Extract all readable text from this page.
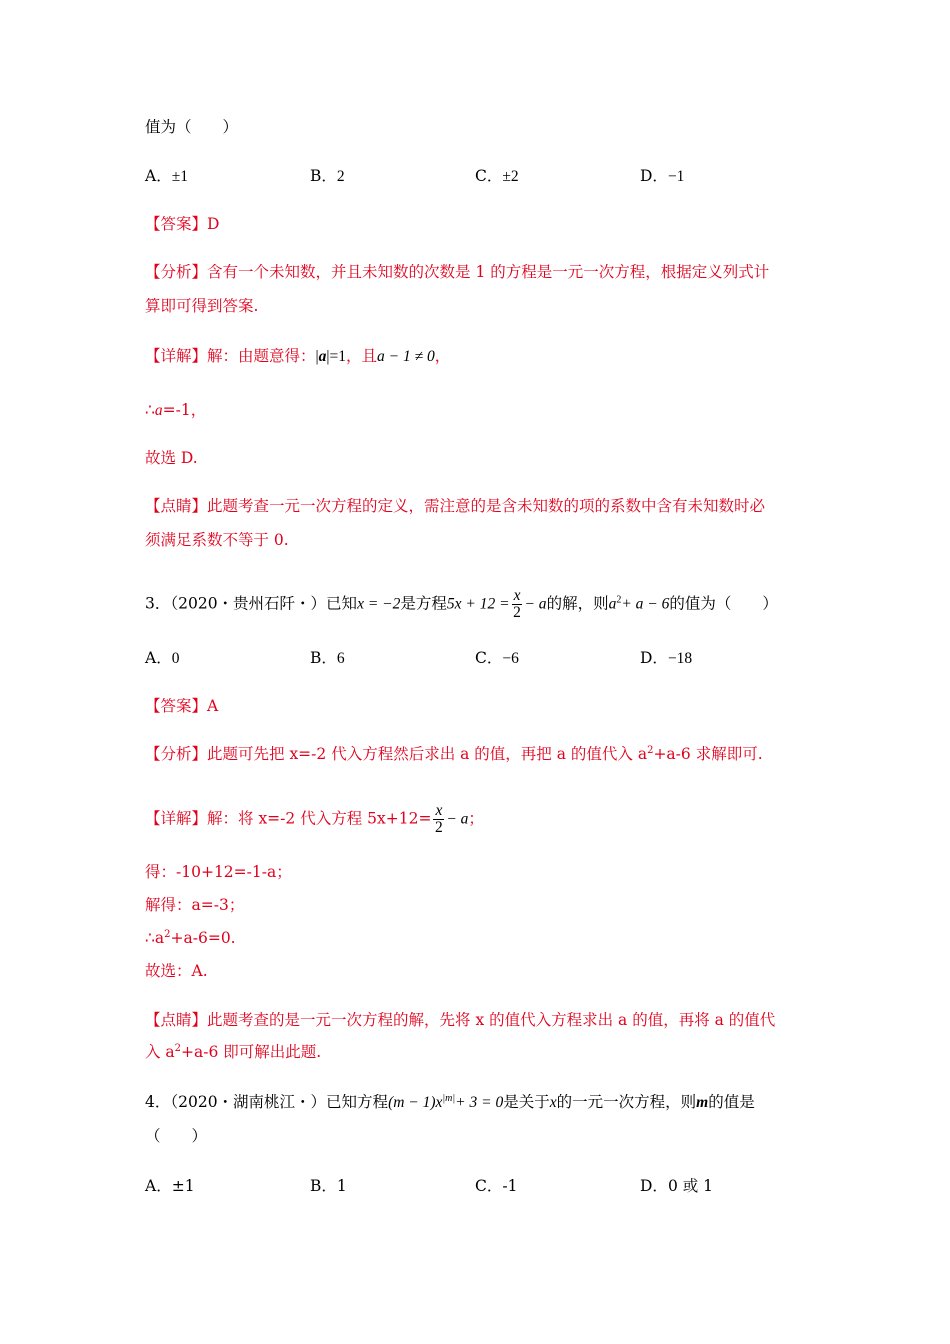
值为（　　）
A．±1	B．2	C．±2	D．−1
【答案】D
【分析】含有一个未知数，并且未知数的次数是 1 的方程是一元一次方程，根据定义列式计
算即可得到答案.
【详解】解：由题意得：|a|=1，且a − 1 ≠ 0，
∴a=-1，
故选 D.
【点睛】此题考查一元一次方程的定义，需注意的是含未知数的项的系数中含有未知数时必
须满足系数不等于 0.
3．（2020・贵州石阡・）已知x = −2是方程$5x + 12 = \frac{x}{2} - a$的解，则$a^2+ a - 6$的值为（　　）
A．0	B．6	C．−6	D．−18
【答案】A
【分析】此题可先把 x=-2 代入方程然后求出 a 的值，再把 a 的值代入 $a^2+a-6$ 求解即可.
【详解】解：将 x=-2 代入方程 $5x+12= \frac{x}{2} - a$；
得：-10+12=-1-a；
解得：a=-3；
$\therefore a^2+a-6=0$.
故选：A.
【点睛】此题考查的是一元一次方程的解，先将 x 的值代入方程求出 a 的值，再将 a 的值代
入 $a^2+a-6$ 即可解出此题.
4．（2020・湖南桃江・）已知方程$(m - 1)x^{|m|}+ 3 = 0$是关于x的一元一次方程，则m的值是
（　　）
A．±1	B．1	C．-1	D．0 或 1
